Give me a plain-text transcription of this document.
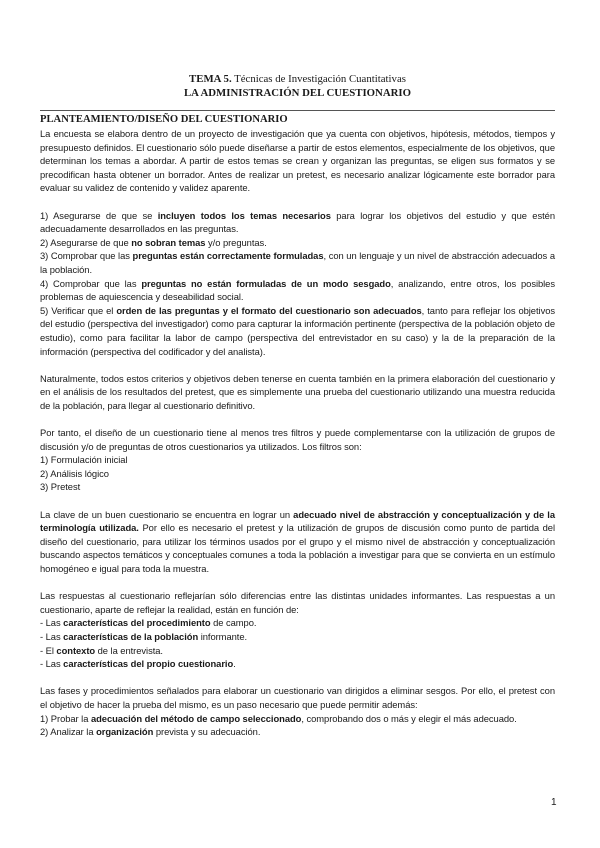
TEMA 5. Técnicas de Investigación Cuantitativas
LA ADMINISTRACIÓN DEL CUESTIONARIO
PLANTEAMIENTO/DISEÑO DEL CUESTIONARIO

La encuesta se elabora dentro de un proyecto de investigación que ya cuenta con objetivos, hipótesis, métodos, tiempos y presupuesto definidos. El cuestionario sólo puede diseñarse a partir de estos elementos, especialmente de los objetivos, que determinan los temas a abordar. A partir de estos temas se crean y organizan las preguntas, se eligen sus formatos y se precodifican hasta obtener un borrador. Antes de realizar un pretest, es necesario analizar lógicamente este borrador para evaluar su validez de contenido y validez aparente.

1) Asegurarse de que se incluyen todos los temas necesarios para lograr los objetivos del estudio y que estén adecuadamente desarrollados en las preguntas.

2) Asegurarse de que no sobran temas y/o preguntas.

3) Comprobar que las preguntas están correctamente formuladas, con un lenguaje y un nivel de abstracción adecuados a la población.

4) Comprobar que las preguntas no están formuladas de un modo sesgado, analizando, entre otros, los posibles problemas de aquiescencia y deseabilidad social.

5) Verificar que el orden de las preguntas y el formato del cuestionario son adecuados, tanto para reflejar los objetivos del estudio (perspectiva del investigador) como para capturar la información pertinente (perspectiva de la población objeto de estudio), como para facilitar la labor de campo (perspectiva del entrevistador en su caso) y la de la preparación de la información (perspectiva del codificador y del analista).

Naturalmente, todos estos criterios y objetivos deben tenerse en cuenta también en la primera elaboración del cuestionario y en el análisis de los resultados del pretest, que es simplemente una prueba del cuestionario utilizando una muestra reducida de la población, para llegar al cuestionario definitivo.

Por tanto, el diseño de un cuestionario tiene al menos tres filtros y puede complementarse con la utilización de grupos de discusión y/o de preguntas de otros cuestionarios ya utilizados. Los filtros son:

1) Formulación inicial

2) Análisis lógico

3) Pretest

La clave de un buen cuestionario se encuentra en lograr un adecuado nivel de abstracción y conceptualización y de la terminología utilizada. Por ello es necesario el pretest y la utilización de grupos de discusión como punto de partida del diseño del cuestionario, para utilizar los términos usados por el grupo y el mismo nivel de abstracción y conceptualización buscando aspectos temáticos y conceptuales comunes a toda la población a investigar para que se convierta en un estímulo homogéneo e igual para toda la muestra.

Las respuestas al cuestionario reflejarían sólo diferencias entre las distintas unidades informantes. Las respuestas a un cuestionario, aparte de reflejar la realidad, están en función de:

- Las características del procedimiento de campo.

- Las características de la población informante.

- El contexto de la entrevista.

- Las características del propio cuestionario.

Las fases y procedimientos señalados para elaborar un cuestionario van dirigidos a eliminar sesgos. Por ello, el pretest con el objetivo de hacer la prueba del mismo, es un paso necesario que puede permitir además:

1) Probar la adecuación del método de campo seleccionado, comprobando dos o más y elegir el más adecuado.

2) Analizar la organización prevista y su adecuación.

1
